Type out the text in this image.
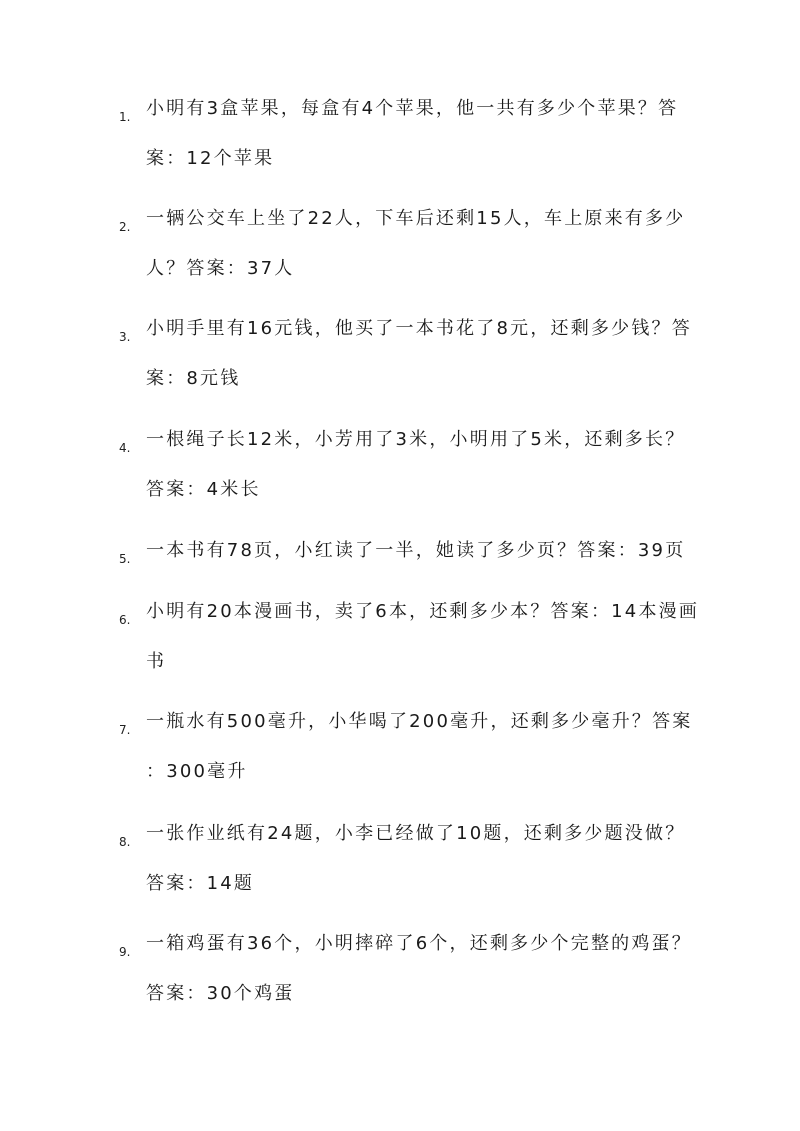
1. 小明有3盒苹果，每盒有4个苹果，他一共有多少个苹果？答
案：12个苹果
2. 一辆公交车上坐了22人，下车后还剩15人，车上原来有多少
人？答案：37人
3. 小明手里有16元钱，他买了一本书花了8元，还剩多少钱？答
案：8元钱
4. 一根绳子长12米，小芳用了3米，小明用了5米，还剩多长？
答案：4米长
5. 一本书有78页，小红读了一半，她读了多少页？答案：39页
6. 小明有20本漫画书，卖了6本，还剩多少本？答案：14本漫画
书
7. 一瓶水有500毫升，小华喝了200毫升，还剩多少毫升？答案
：300毫升
8. 一张作业纸有24题，小李已经做了10题，还剩多少题没做？
答案：14题
9. 一箱鸡蛋有36个，小明摔碎了6个，还剩多少个完整的鸡蛋？
答案：30个鸡蛋
